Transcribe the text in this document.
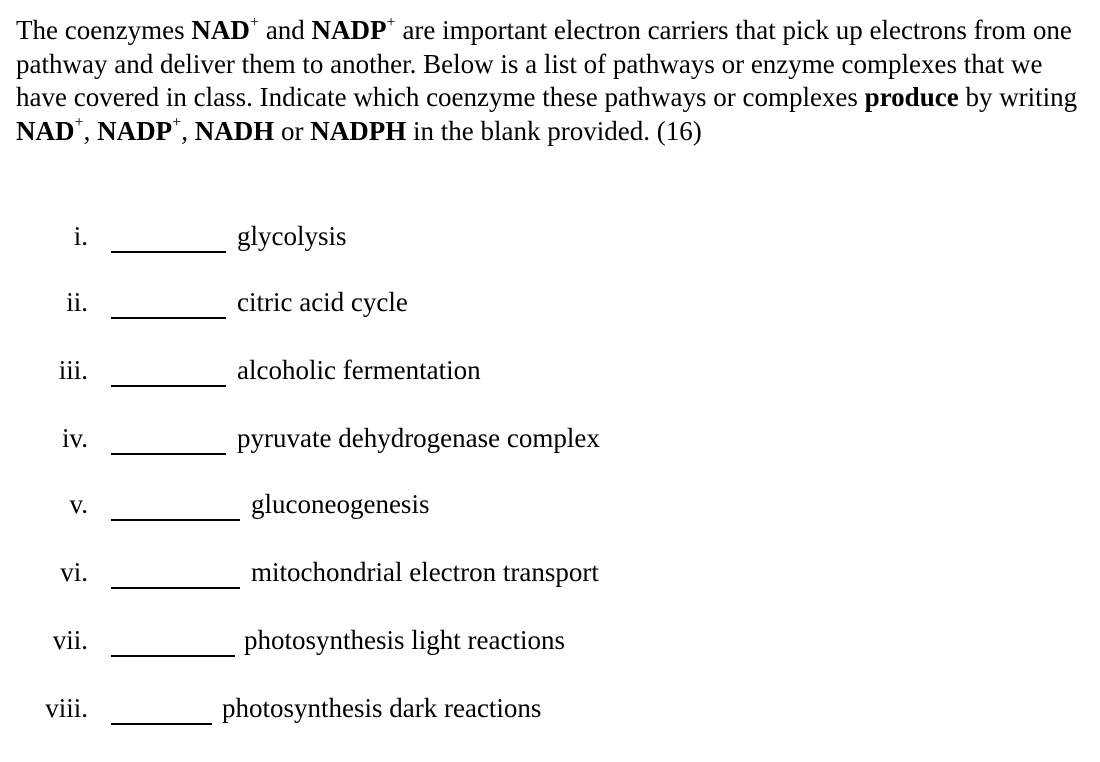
The coenzymes NAD+ and NADP+ are important electron carriers that pick up electrons from one pathway and deliver them to another. Below is a list of pathways or enzyme complexes that we have covered in class. Indicate which coenzyme these pathways or complexes produce by writing NAD+, NADP+, NADH or NADPH in the blank provided. (16)

i.	glycolysis
ii.	citric acid cycle
iii.	alcoholic fermentation
iv.	pyruvate dehydrogenase complex
v.	gluconeogenesis
vi.	mitochondrial electron transport
vii.	photosynthesis light reactions
viii.	photosynthesis dark reactions
